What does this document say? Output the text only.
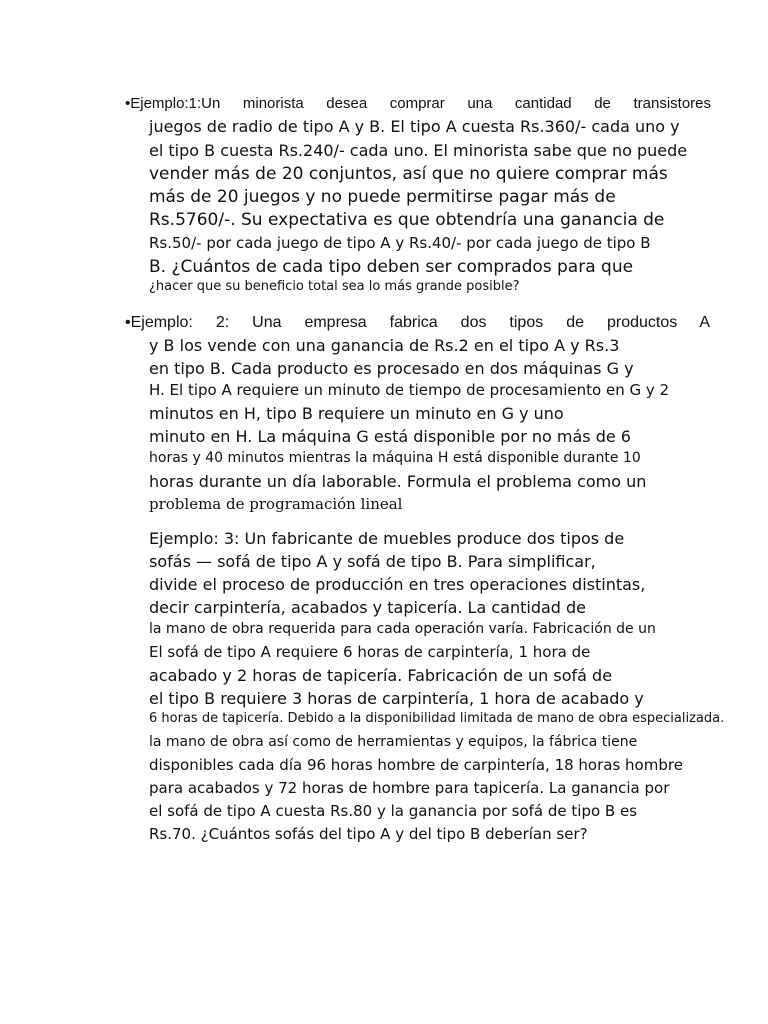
•Ejemplo:1:Un minorista desea comprar una cantidad de transistores
juegos de radio de tipo A y B. El tipo A cuesta Rs.360/- cada uno y
el tipo B cuesta Rs.240/- cada uno. El minorista sabe que no puede
vender más de 20 conjuntos, así que no quiere comprar más
más de 20 juegos y no puede permitirse pagar más de
Rs.5760/-. Su expectativa es que obtendría una ganancia de
Rs.50/- por cada juego de tipo A y Rs.40/- por cada juego de tipo B
B. ¿Cuántos de cada tipo deben ser comprados para que
¿hacer que su beneficio total sea lo más grande posible?
•Ejemplo: 2: Una empresa fabrica dos tipos de productos A
y B los vende con una ganancia de Rs.2 en el tipo A y Rs.3
en tipo B. Cada producto es procesado en dos máquinas G y
H. El tipo A requiere un minuto de tiempo de procesamiento en G y 2
minutos en H, tipo B requiere un minuto en G y uno
minuto en H. La máquina G está disponible por no más de 6
horas y 40 minutos mientras la máquina H está disponible durante 10
horas durante un día laborable. Formula el problema como un
problema de programación lineal
Ejemplo: 3: Un fabricante de muebles produce dos tipos de
sofás — sofá de tipo A y sofá de tipo B. Para simplificar,
divide el proceso de producción en tres operaciones distintas,
decir carpintería, acabados y tapicería. La cantidad de
la mano de obra requerida para cada operación varía. Fabricación de un
El sofá de tipo A requiere 6 horas de carpintería, 1 hora de
acabado y 2 horas de tapicería. Fabricación de un sofá de
el tipo B requiere 3 horas de carpintería, 1 hora de acabado y
6 horas de tapicería. Debido a la disponibilidad limitada de mano de obra especializada.
la mano de obra así como de herramientas y equipos, la fábrica tiene
disponibles cada día 96 horas hombre de carpintería, 18 horas hombre
para acabados y 72 horas de hombre para tapicería. La ganancia por
el sofá de tipo A cuesta Rs.80 y la ganancia por sofá de tipo B es
Rs.70. ¿Cuántos sofás del tipo A y del tipo B deberían ser?
